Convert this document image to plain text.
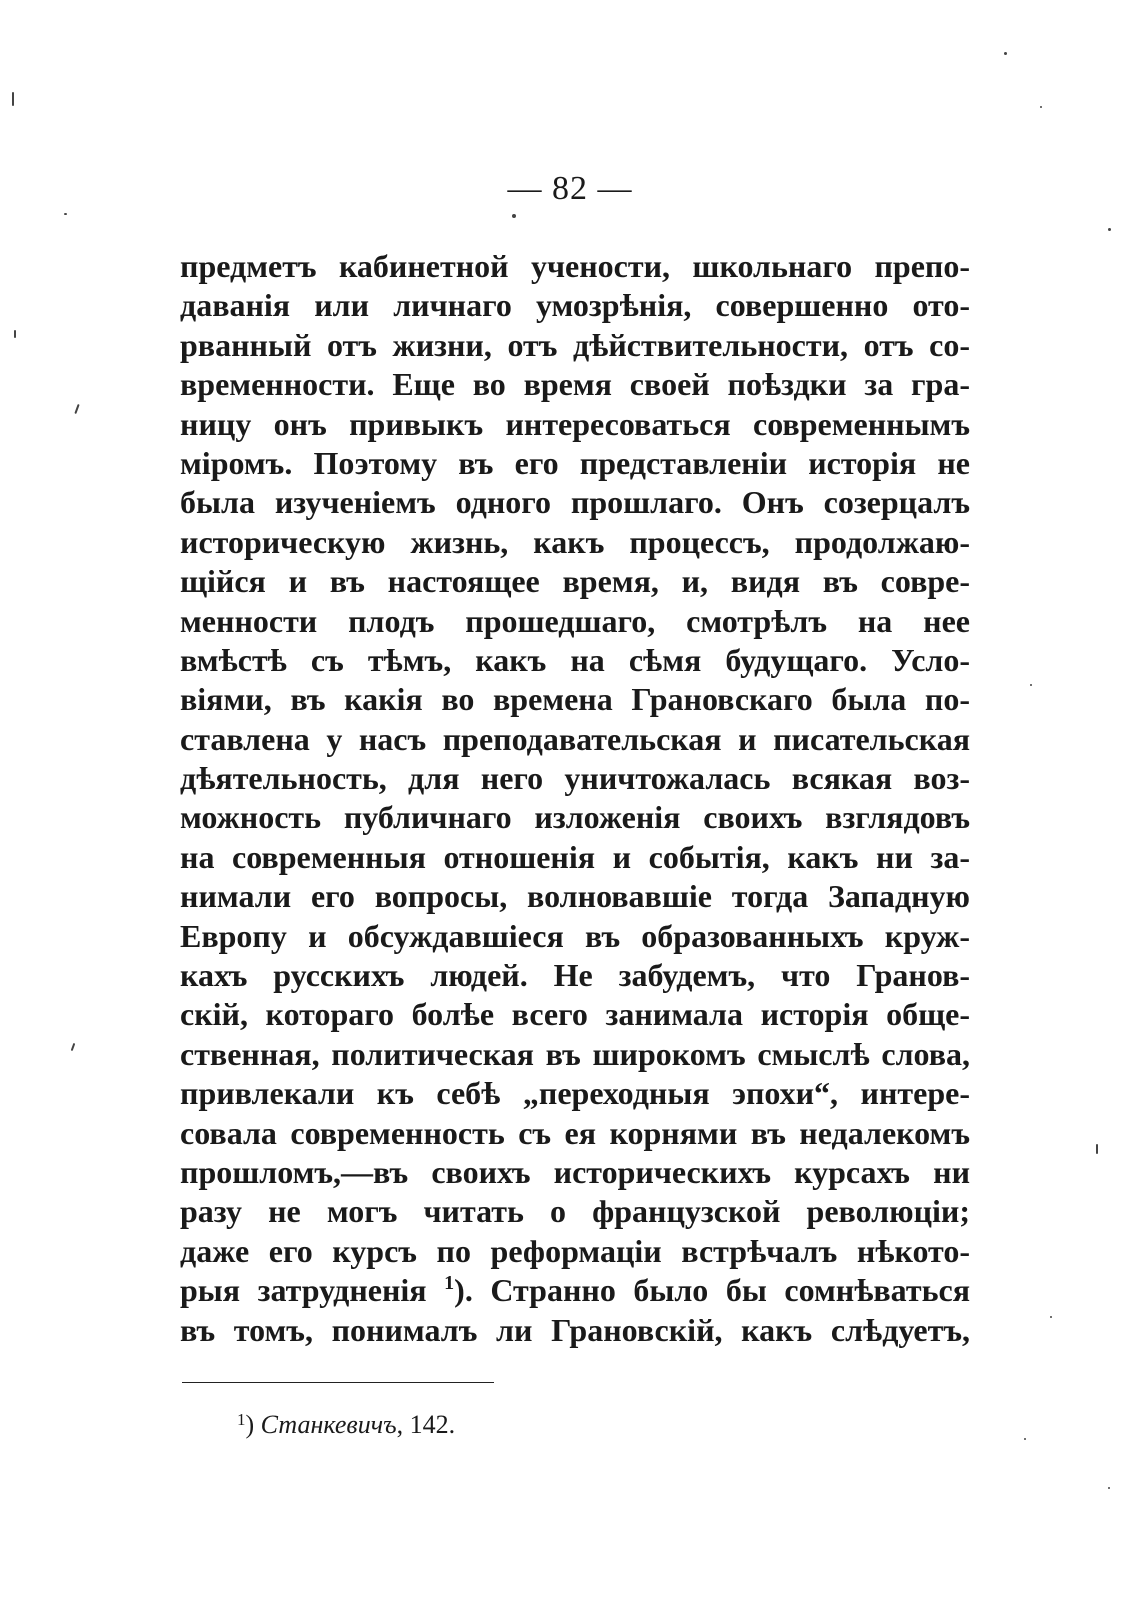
— 82 —
предметъ кабинетной учености, школьнаго препо-
даванія или личнаго умозрѣнія, совершенно ото-
рванный отъ жизни, отъ дѣйствительности, отъ со-
временности. Еще во время своей поѣздки за гра-
ницу онъ привыкъ интересоваться современнымъ
міромъ. Поэтому въ его представленіи исторія не
была изученіемъ одного прошлаго. Онъ созерцалъ
историческую жизнь, какъ процессъ, продолжаю-
щійся и въ настоящее время, и, видя въ совре-
менности плодъ прошедшаго, смотрѣлъ на нее
вмѣстѣ съ тѣмъ, какъ на сѣмя будущаго. Усло-
віями, въ какія во времена Грановскаго была по-
ставлена у насъ преподавательская и писательская
дѣятельность, для него уничтожалась всякая воз-
можность публичнаго изложенія своихъ взглядовъ
на современныя отношенія и событія, какъ ни за-
нимали его вопросы, волновавшіе тогда Западную
Европу и обсуждавшіеся въ образованныхъ круж-
кахъ русскихъ людей. Не забудемъ, что Гранов-
скій, котораго болѣе всего занимала исторія обще-
ственная, политическая въ широкомъ смыслѣ слова,
привлекали къ себѣ „переходныя эпохи“, интере-
совала современность съ ея корнями въ недалекомъ
прошломъ,—въ своихъ историческихъ курсахъ ни
разу не могъ читать о французской революціи;
даже его курсъ по реформаціи встрѣчалъ нѣкото-
рыя затрудненія $^1$). Странно было бы сомнѣваться
въ томъ, понималъ ли Грановскій, какъ слѣдуетъ,
$^1$) Станкевичъ, 142.
